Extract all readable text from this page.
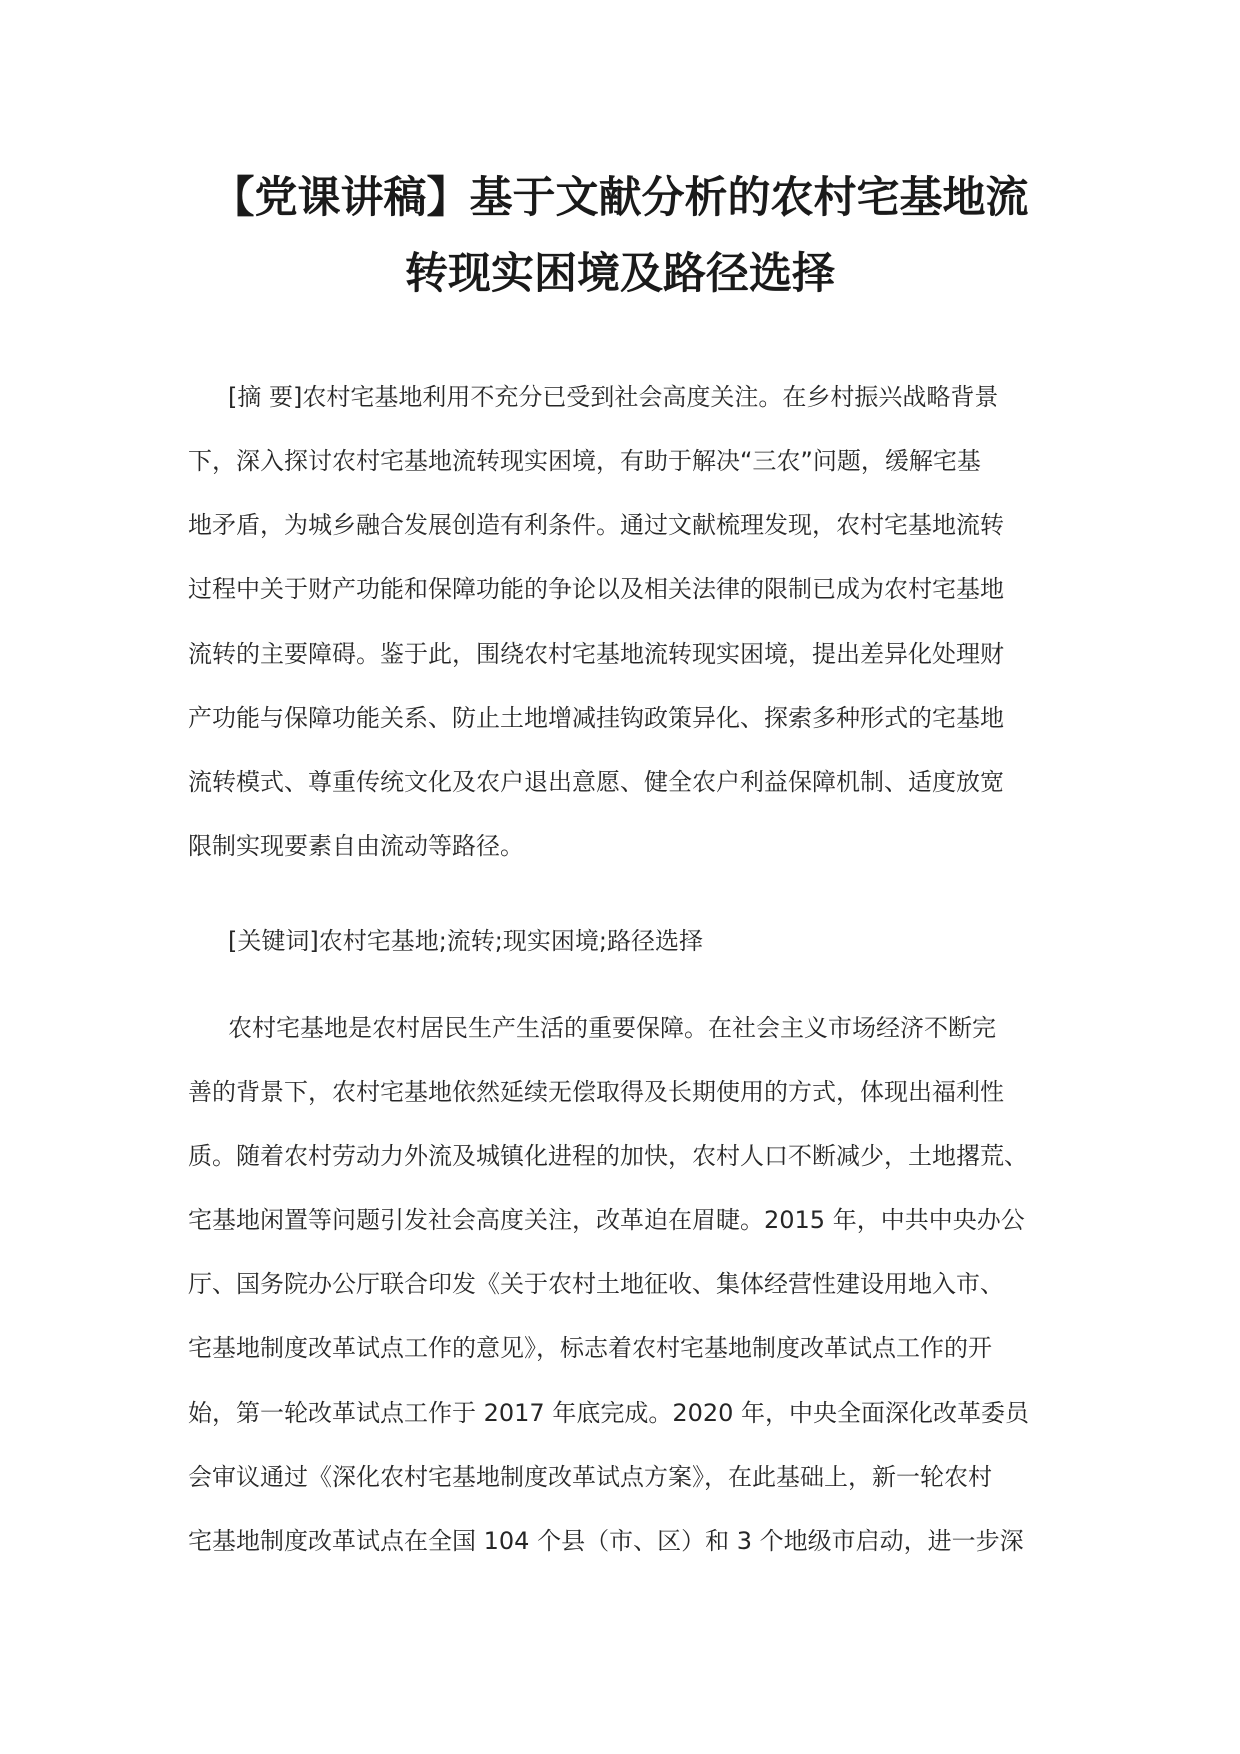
【党课讲稿】基于文献分析的农村宅基地流
转现实困境及路径选择
[摘 要]农村宅基地利用不充分已受到社会高度关注。在乡村振兴战略背景
下，深入探讨农村宅基地流转现实困境，有助于解决“三农”问题，缓解宅基
地矛盾，为城乡融合发展创造有利条件。通过文献梳理发现，农村宅基地流转
过程中关于财产功能和保障功能的争论以及相关法律的限制已成为农村宅基地
流转的主要障碍。鉴于此，围绕农村宅基地流转现实困境，提出差异化处理财
产功能与保障功能关系、防止土地增减挂钩政策异化、探索多种形式的宅基地
流转模式、尊重传统文化及农户退出意愿、健全农户利益保障机制、适度放宽
限制实现要素自由流动等路径。
[关键词]农村宅基地;流转;现实困境;路径选择
农村宅基地是农村居民生产生活的重要保障。在社会主义市场经济不断完
善的背景下，农村宅基地依然延续无偿取得及长期使用的方式，体现出福利性
质。随着农村劳动力外流及城镇化进程的加快，农村人口不断减少，土地撂荒、
宅基地闲置等问题引发社会高度关注，改革迫在眉睫。2015 年，中共中央办公
厅、国务院办公厅联合印发《关于农村土地征收、集体经营性建设用地入市、
宅基地制度改革试点工作的意见》，标志着农村宅基地制度改革试点工作的开
始，第一轮改革试点工作于 2017 年底完成。2020 年，中央全面深化改革委员
会审议通过《深化农村宅基地制度改革试点方案》，在此基础上，新一轮农村
宅基地制度改革试点在全国 104 个县（市、区）和 3 个地级市启动，进一步深
